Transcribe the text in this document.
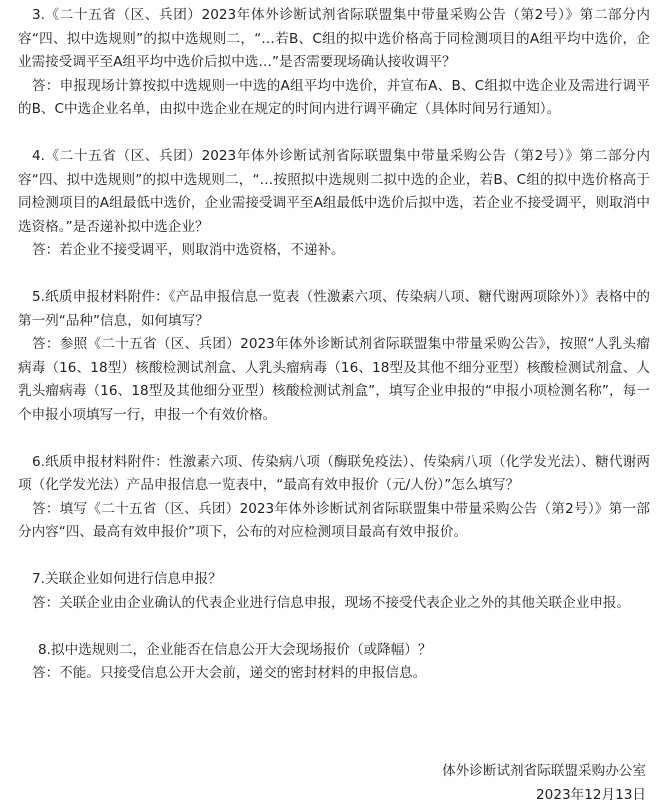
3.《二十五省（区、兵团）2023年体外诊断试剂省际联盟集中带量采购公告（第2号）》第二部分内容“四、拟中选规则”的拟中选规则二，“…若B、C组的拟中选价格高于同检测项目的A组平均中选价，企业需接受调平至A组平均中选价后拟中选…”是否需要现场确认接收调平？

答：申报现场计算按拟中选规则一中选的A组平均中选价，并宣布A、B、C组拟中选企业及需进行调平的B、C中选企业名单，由拟中选企业在规定的时间内进行调平确定（具体时间另行通知）。

4.《二十五省（区、兵团）2023年体外诊断试剂省际联盟集中带量采购公告（第2号）》第二部分内容“四、拟中选规则”的拟中选规则二，“…按照拟中选规则二拟中选的企业，若B、C组的拟中选价格高于同检测项目的A组最低中选价，企业需接受调平至A组最低中选价后拟中选，若企业不接受调平，则取消中选资格。”是否递补拟中选企业？

答：若企业不接受调平，则取消中选资格，不递补。

5.纸质申报材料附件：《产品申报信息一览表（性激素六项、传染病八项、糖代谢两项除外）》表格中的第一列“品种”信息，如何填写？

答：参照《二十五省（区、兵团）2023年体外诊断试剂省际联盟集中带量采购公告》，按照“人乳头瘤病毒（16、18型）核酸检测试剂盒、人乳头瘤病毒（16、18型及其他不细分亚型）核酸检测试剂盒、人乳头瘤病毒（16、18型及其他细分亚型）核酸检测试剂盒”，填写企业申报的“申报小项检测名称”，每一个申报小项填写一行，申报一个有效价格。

6.纸质申报材料附件：性激素六项、传染病八项（酶联免疫法）、传染病八项（化学发光法）、糖代谢两项（化学发光法）产品申报信息一览表中，“最高有效申报价（元/人份）”怎么填写？

答：填写《二十五省（区、兵团）2023年体外诊断试剂省际联盟集中带量采购公告（第2号）》第一部分内容“四、最高有效申报价”项下，公布的对应检测项目最高有效申报价。

7.关联企业如何进行信息申报？

答：关联企业由企业确认的代表企业进行信息申报，现场不接受代表企业之外的其他关联企业申报。

8.拟中选规则二，企业能否在信息公开大会现场报价（或降幅）？

答：不能。只接受信息公开大会前，递交的密封材料的申报信息。

体外诊断试剂省际联盟采购办公室
2023年12月13日
